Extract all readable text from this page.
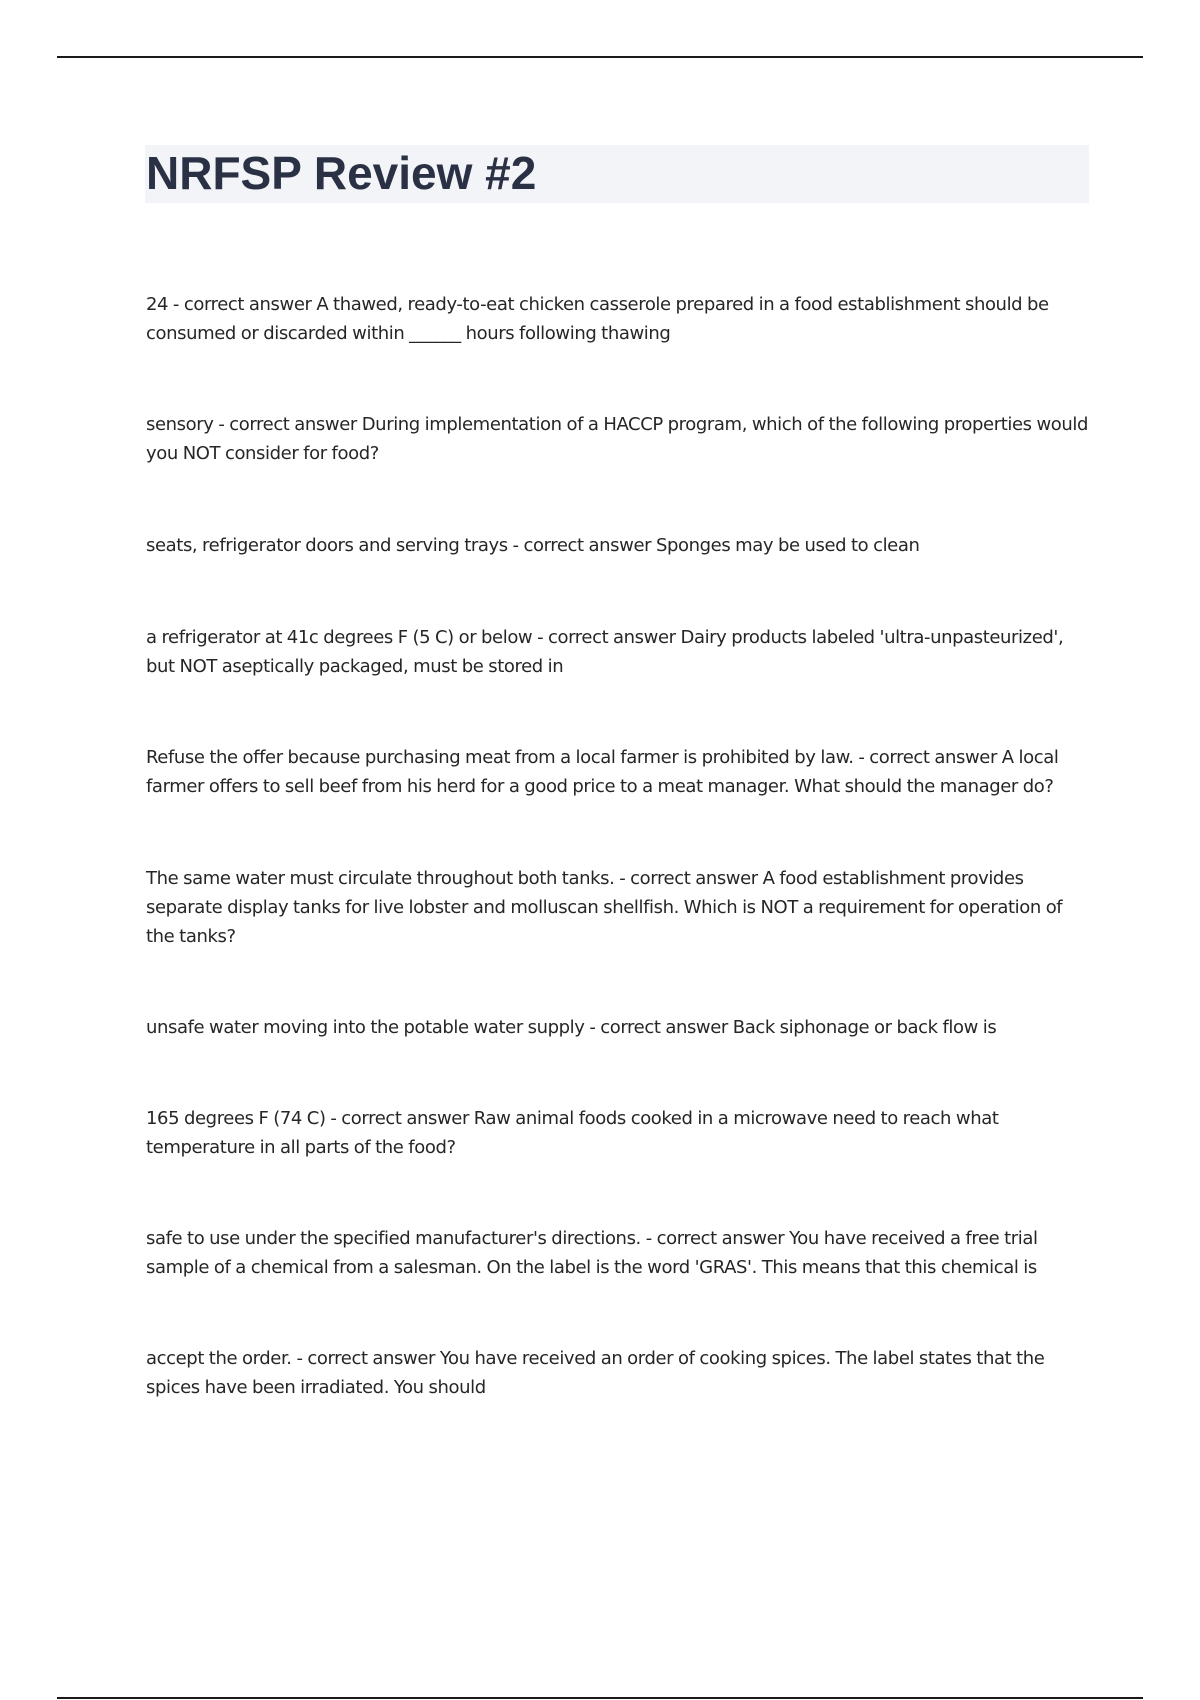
NRFSP Review #2

24 - correct answer A thawed, ready-to-eat chicken casserole prepared in a food establishment should be consumed or discarded within ______ hours following thawing

sensory - correct answer During implementation of a HACCP program, which of the following properties would you NOT consider for food?

seats, refrigerator doors and serving trays - correct answer Sponges may be used to clean

a refrigerator at 41c degrees F (5 C) or below - correct answer Dairy products labeled 'ultra-unpasteurized', but NOT aseptically packaged, must be stored in

Refuse the offer because purchasing meat from a local farmer is prohibited by law. - correct answer A local farmer offers to sell beef from his herd for a good price to a meat manager. What should the manager do?

The same water must circulate throughout both tanks. - correct answer A food establishment provides separate display tanks for live lobster and molluscan shellfish. Which is NOT a requirement for operation of the tanks?

unsafe water moving into the potable water supply - correct answer Back siphonage or back flow is

165 degrees F (74 C) - correct answer Raw animal foods cooked in a microwave need to reach what temperature in all parts of the food?

safe to use under the specified manufacturer's directions. - correct answer You have received a free trial sample of a chemical from a salesman. On the label is the word 'GRAS'. This means that this chemical is

accept the order. - correct answer You have received an order of cooking spices. The label states that the spices have been irradiated. You should
